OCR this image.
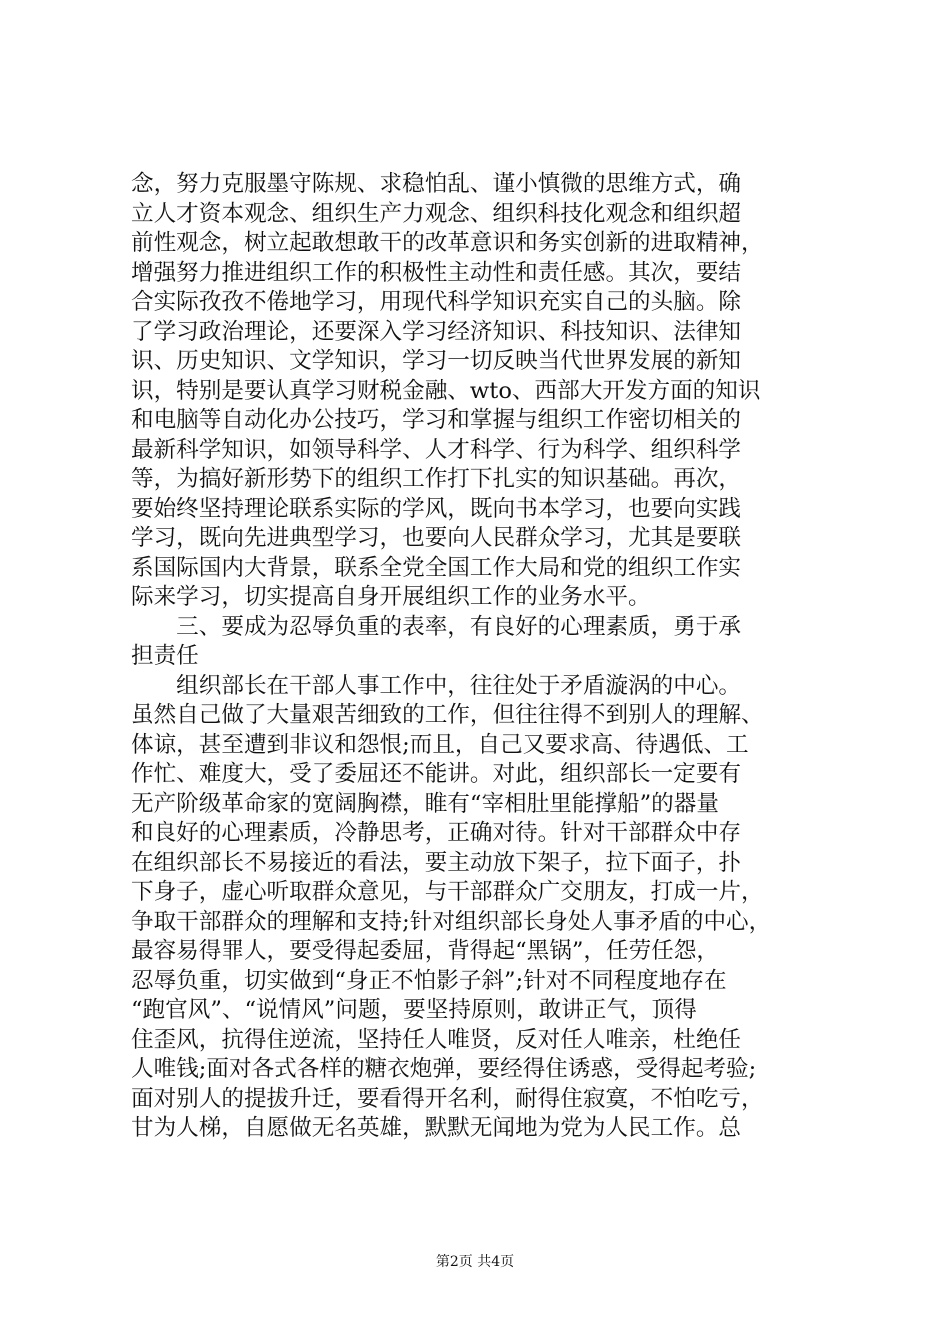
念，努力克服墨守陈规、求稳怕乱、谨小慎微的思维方式，确
立人才资本观念、组织生产力观念、组织科技化观念和组织超
前性观念，树立起敢想敢干的改革意识和务实创新的进取精神，
增强努力推进组织工作的积极性主动性和责任感。其次，要结
合实际孜孜不倦地学习，用现代科学知识充实自己的头脑。除
了学习政治理论，还要深入学习经济知识、科技知识、法律知
识、历史知识、文学知识，学习一切反映当代世界发展的新知
识，特别是要认真学习财税金融、wto、西部大开发方面的知识
和电脑等自动化办公技巧，学习和掌握与组织工作密切相关的
最新科学知识，如领导科学、人才科学、行为科学、组织科学
等，为搞好新形势下的组织工作打下扎实的知识基础。再次，
要始终坚持理论联系实际的学风，既向书本学习，也要向实践
学习，既向先进典型学习，也要向人民群众学习，尤其是要联
系国际国内大背景，联系全党全国工作大局和党的组织工作实
际来学习，切实提高自身开展组织工作的业务水平。
　　三、要成为忍辱负重的表率，有良好的心理素质，勇于承
担责任
　　组织部长在干部人事工作中，往往处于矛盾漩涡的中心。
虽然自己做了大量艰苦细致的工作，但往往得不到别人的理解、
体谅，甚至遭到非议和怨恨;而且，自己又要求高、待遇低、工
作忙、难度大，受了委屈还不能讲。对此，组织部长一定要有
无产阶级革命家的宽阔胸襟，睢有“宰相肚里能撑船”的器量
和良好的心理素质，冷静思考，正确对待。针对干部群众中存
在组织部长不易接近的看法，要主动放下架子，拉下面子，扑
下身子，虚心听取群众意见，与干部群众广交朋友，打成一片，
争取干部群众的理解和支持;针对组织部长身处人事矛盾的中心，
最容易得罪人，要受得起委屈，背得起“黑锅”，任劳任怨，
忍辱负重，切实做到“身正不怕影子斜”;针对不同程度地存在
“跑官风”、“说情风”问题，要坚持原则，敢讲正气，顶得
住歪风，抗得住逆流，坚持任人唯贤，反对任人唯亲，杜绝任
人唯钱;面对各式各样的糖衣炮弹，要经得住诱惑，受得起考验;
面对别人的提拔升迁，要看得开名利，耐得住寂寞，不怕吃亏，
甘为人梯，自愿做无名英雄，默默无闻地为党为人民工作。总
第2页 共4页
